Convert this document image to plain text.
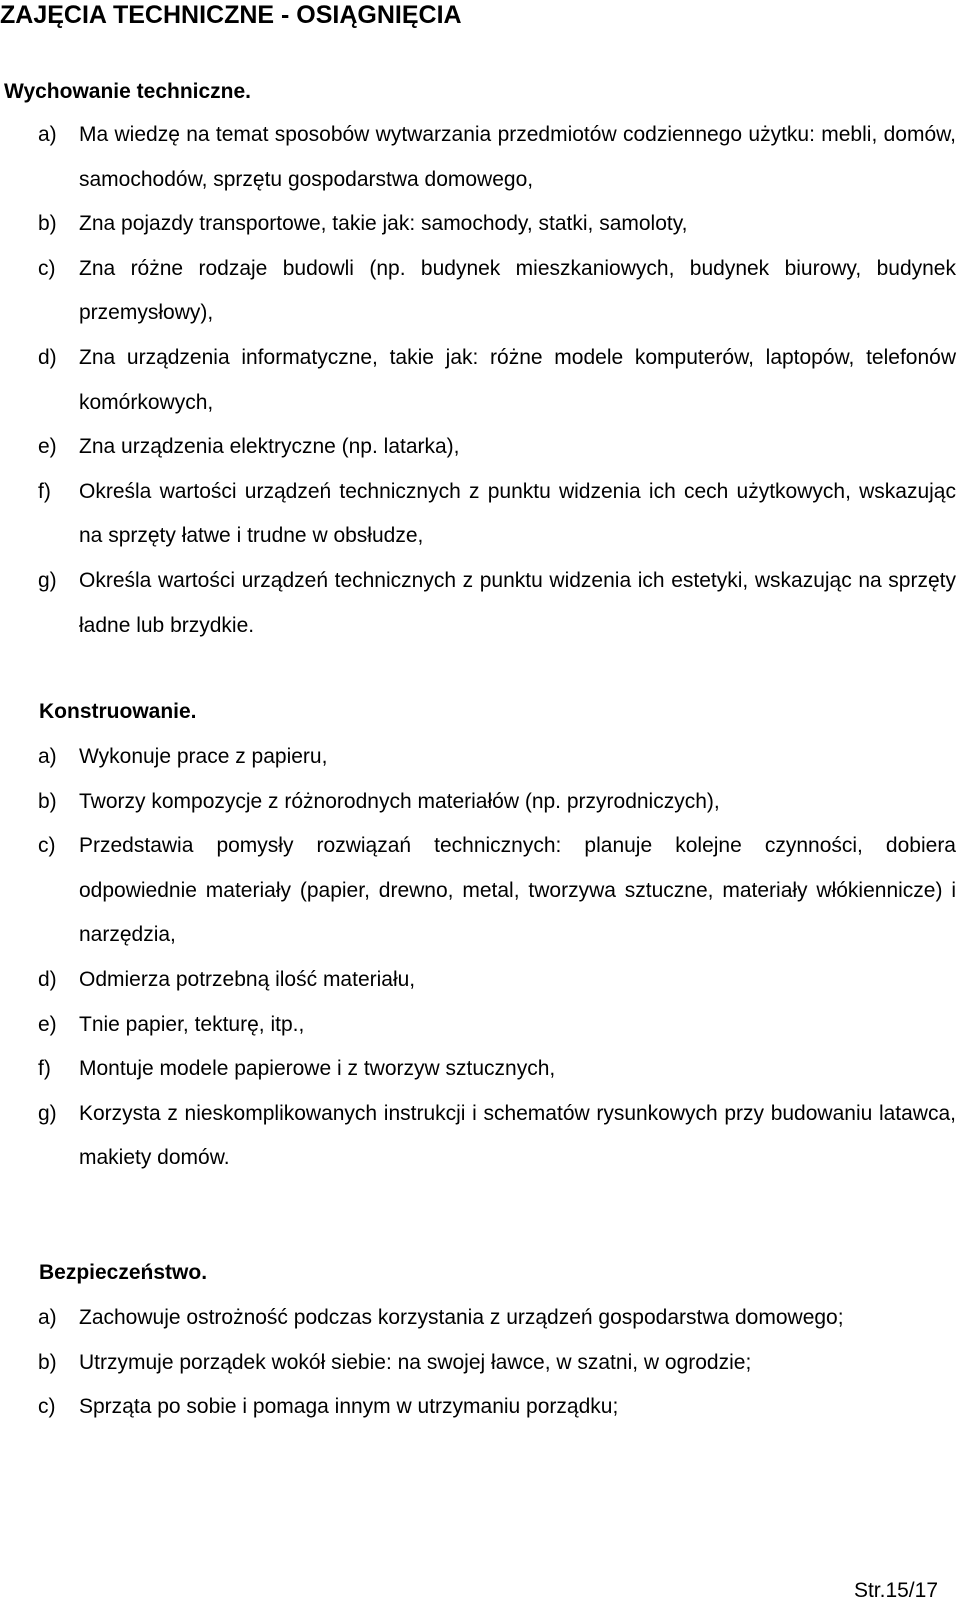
ZAJĘCIA TECHNICZNE - OSIĄGNIĘCIA
Wychowanie techniczne.
a) Ma wiedzę na temat sposobów wytwarzania przedmiotów codziennego użytku: mebli, domów, samochodów, sprzętu gospodarstwa domowego,
b) Zna pojazdy transportowe, takie jak: samochody, statki, samoloty,
c) Zna różne rodzaje budowli (np. budynek mieszkaniowych, budynek biurowy, budynek przemysłowy),
d) Zna urządzenia informatyczne, takie jak: różne modele komputerów, laptopów, telefonów komórkowych,
e) Zna urządzenia elektryczne (np. latarka),
f) Określa wartości urządzeń technicznych z punktu widzenia ich cech użytkowych, wskazując na sprzęty łatwe i trudne w obsłudze,
g) Określa wartości urządzeń technicznych z punktu widzenia ich estetyki, wskazując na sprzęty ładne lub brzydkie.
Konstruowanie.
a) Wykonuje prace z papieru,
b) Tworzy kompozycje z różnorodnych materiałów (np. przyrodniczych),
c) Przedstawia pomysły rozwiązań technicznych: planuje kolejne czynności, dobiera odpowiednie materiały (papier, drewno, metal, tworzywa sztuczne, materiały włókiennicze) i narzędzia,
d) Odmierza potrzebną ilość materiału,
e) Tnie papier, tekturę, itp.,
f) Montuje modele papierowe i z tworzyw sztucznych,
g) Korzysta z nieskomplikowanych instrukcji i schematów rysunkowych przy budowaniu latawca, makiety domów.
Bezpieczeństwo.
a) Zachowuje ostrożność podczas korzystania z urządzeń gospodarstwa domowego;
b) Utrzymuje porządek wokół siebie: na swojej ławce, w szatni, w ogrodzie;
c) Sprząta po sobie i pomaga innym w utrzymaniu porządku;
Str.15/17
